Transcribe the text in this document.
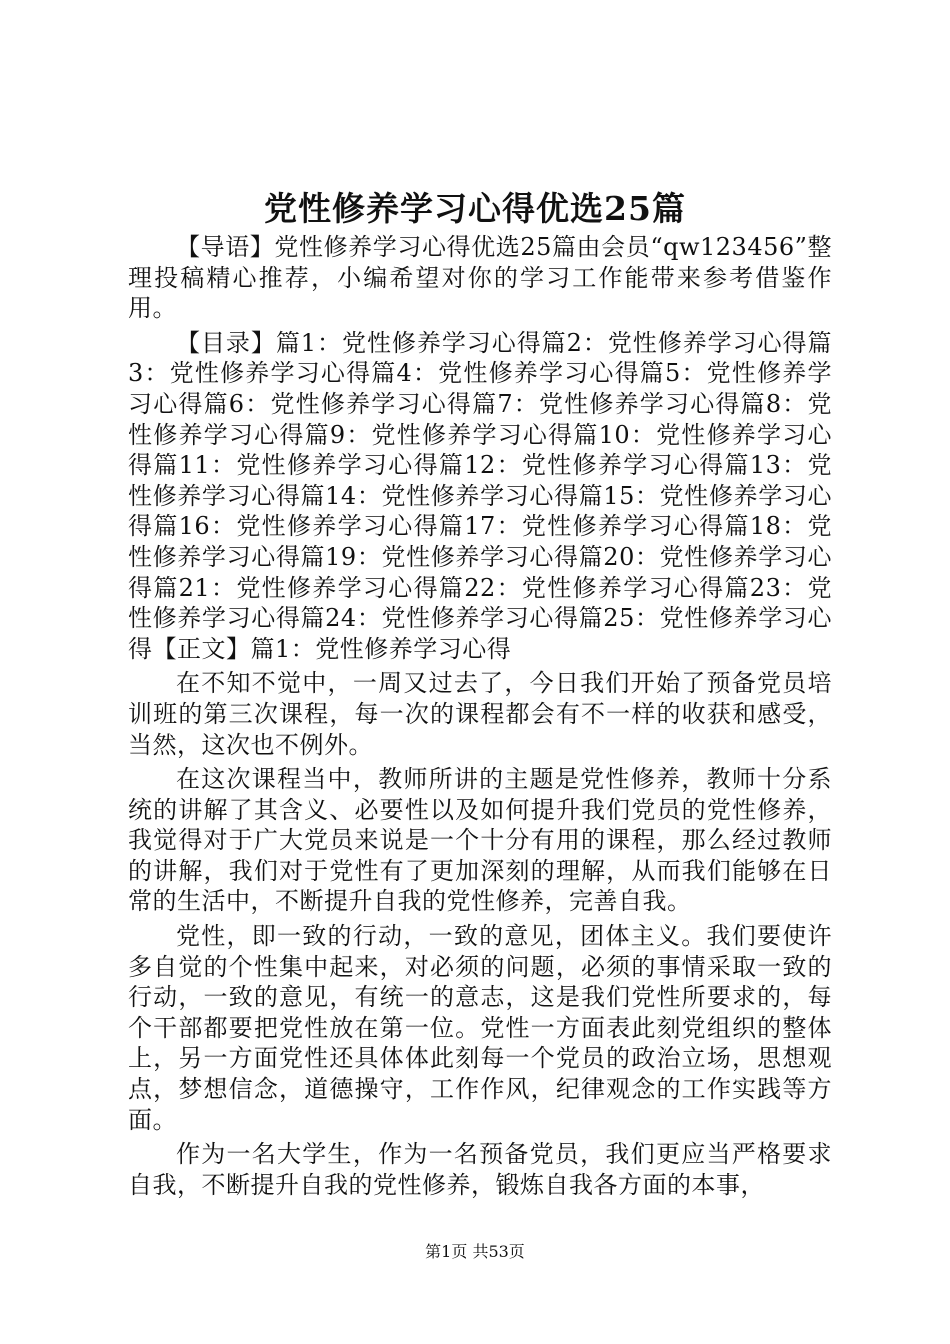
党性修养学习心得优选25篇

【导语】党性修养学习心得优选25篇由会员“qw123456”整理投稿精心推荐，小编希望对你的学习工作能带来参考借鉴作用。

【目录】篇1：党性修养学习心得篇2：党性修养学习心得篇3：党性修养学习心得篇4：党性修养学习心得篇5：党性修养学习心得篇6：党性修养学习心得篇7：党性修养学习心得篇8：党性修养学习心得篇9：党性修养学习心得篇10：党性修养学习心得篇11：党性修养学习心得篇12：党性修养学习心得篇13：党性修养学习心得篇14：党性修养学习心得篇15：党性修养学习心得篇16：党性修养学习心得篇17：党性修养学习心得篇18：党性修养学习心得篇19：党性修养学习心得篇20：党性修养学习心得篇21：党性修养学习心得篇22：党性修养学习心得篇23：党性修养学习心得篇24：党性修养学习心得篇25：党性修养学习心得【正文】篇1：党性修养学习心得

在不知不觉中，一周又过去了，今日我们开始了预备党员培训班的第三次课程，每一次的课程都会有不一样的收获和感受，当然，这次也不例外。

在这次课程当中，教师所讲的主题是党性修养，教师十分系统的讲解了其含义、必要性以及如何提升我们党员的党性修养，我觉得对于广大党员来说是一个十分有用的课程，那么经过教师的讲解，我们对于党性有了更加深刻的理解，从而我们能够在日常的生活中，不断提升自我的党性修养，完善自我。

党性，即一致的行动，一致的意见，团体主义。我们要使许多自觉的个性集中起来，对必须的问题，必须的事情采取一致的行动，一致的意见，有统一的意志，这是我们党性所要求的，每个干部都要把党性放在第一位。党性一方面表此刻党组织的整体上，另一方面党性还具体体此刻每一个党员的政治立场，思想观点，梦想信念，道德操守，工作作风，纪律观念的工作实践等方面。

作为一名大学生，作为一名预备党员，我们更应当严格要求自我，不断提升自我的党性修养，锻炼自我各方面的本事，

第1页 共53页
